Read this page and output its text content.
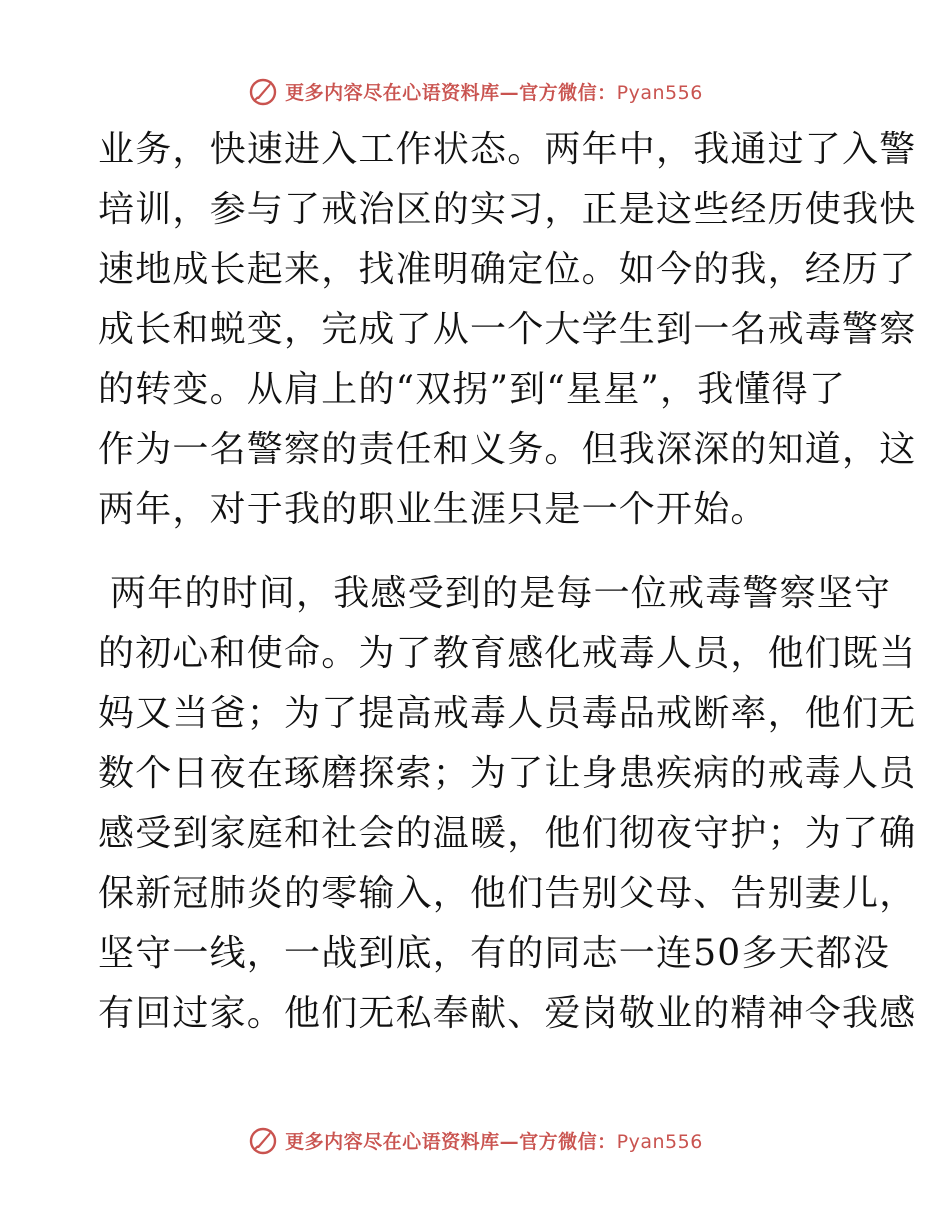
更多内容尽在心语资料库—官方微信：Pyan556
业务，快速进入工作状态。两年中，我通过了入警
培训，参与了戒治区的实习，正是这些经历使我快
速地成长起来，找准明确定位。如今的我，经历了
成长和蜕变，完成了从一个大学生到一名戒毒警察
的转变。从肩上的“双拐”到“星星”，我懂得了
作为一名警察的责任和义务。但我深深的知道，这
两年，对于我的职业生涯只是一个开始。
两年的时间，我感受到的是每一位戒毒警察坚守
的初心和使命。为了教育感化戒毒人员，他们既当
妈又当爸；为了提高戒毒人员毒品戒断率，他们无
数个日夜在琢磨探索；为了让身患疾病的戒毒人员
感受到家庭和社会的温暖，他们彻夜守护；为了确
保新冠肺炎的零输入，他们告别父母、告别妻儿，
坚守一线，一战到底，有的同志一连50多天都没
有回过家。他们无私奉献、爱岗敬业的精神令我感
更多内容尽在心语资料库—官方微信：Pyan556
